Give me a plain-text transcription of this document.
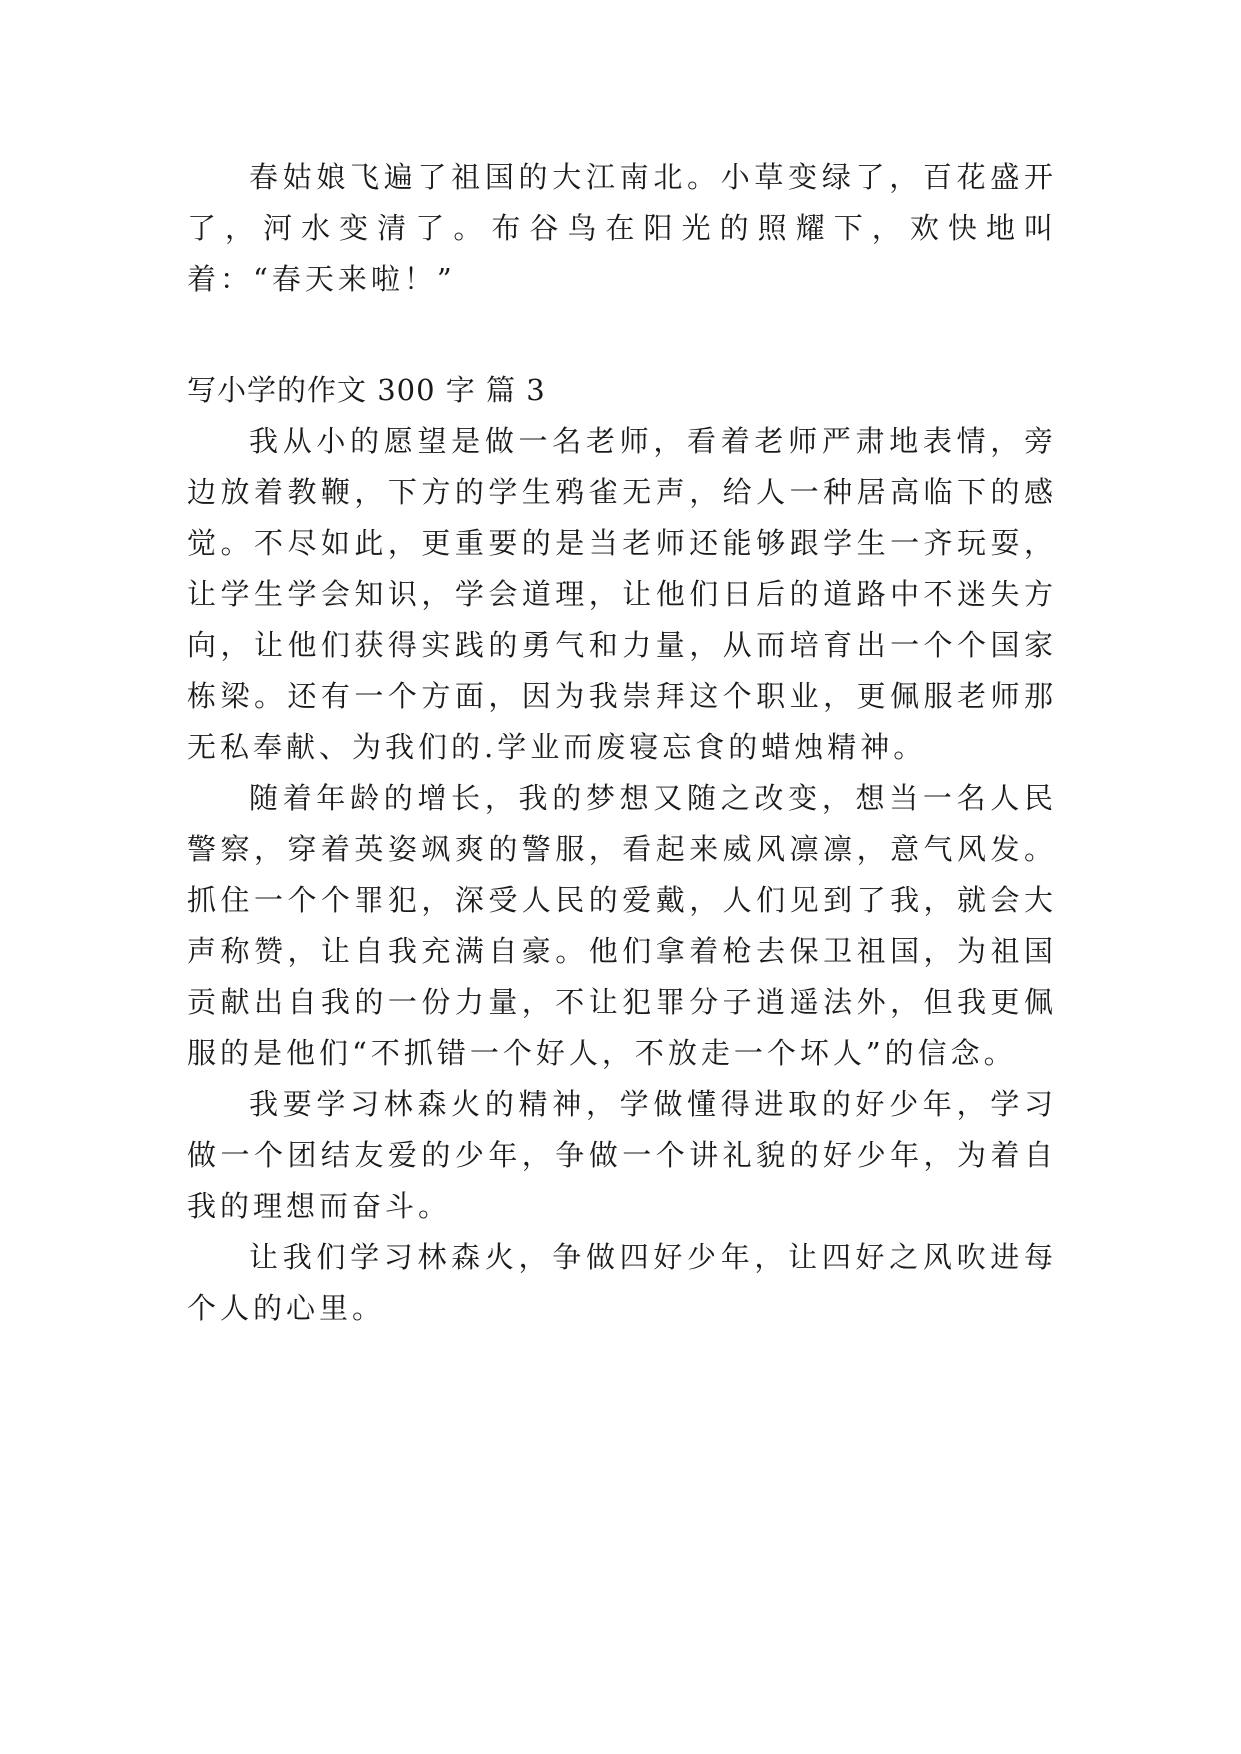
春姑娘飞遍了祖国的大江南北。小草变绿了，百花盛开了，河水变清了。布谷鸟在阳光的照耀下，欢快地叫着：“春天来啦！”

写小学的作文 300 字 篇 3

我从小的愿望是做一名老师，看着老师严肃地表情，旁边放着教鞭，下方的学生鸦雀无声，给人一种居高临下的感觉。不尽如此，更重要的是当老师还能够跟学生一齐玩耍，让学生学会知识，学会道理，让他们日后的道路中不迷失方向，让他们获得实践的勇气和力量，从而培育出一个个国家栋梁。还有一个方面，因为我崇拜这个职业，更佩服老师那无私奉献、为我们的.学业而废寝忘食的蜡烛精神。

随着年龄的增长，我的梦想又随之改变，想当一名人民警察，穿着英姿飒爽的警服，看起来威风凛凛，意气风发。抓住一个个罪犯，深受人民的爱戴，人们见到了我，就会大声称赞，让自我充满自豪。他们拿着枪去保卫祖国，为祖国贡献出自我的一份力量，不让犯罪分子逍遥法外，但我更佩服的是他们“不抓错一个好人，不放走一个坏人”的信念。

我要学习林森火的精神，学做懂得进取的好少年，学习做一个团结友爱的少年，争做一个讲礼貌的好少年，为着自我的理想而奋斗。

让我们学习林森火，争做四好少年，让四好之风吹进每个人的心里。
